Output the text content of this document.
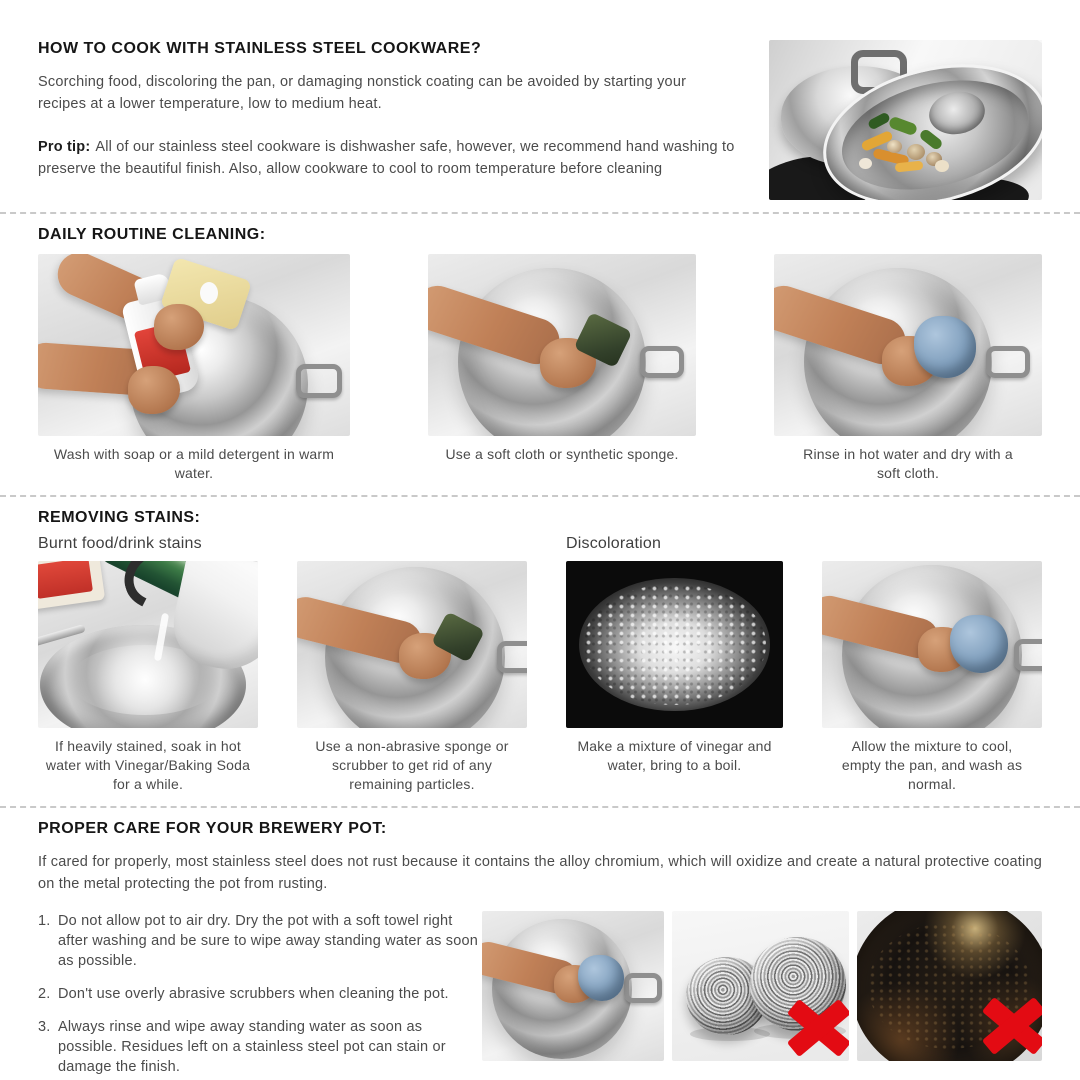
HOW TO COOK WITH STAINLESS STEEL COOKWARE?

Scorching food, discoloring the pan, or damaging nonstick coating can be avoided by starting your recipes at a lower temperature, low to medium heat.

Pro tip: All of our stainless steel cookware is dishwasher safe, however, we recommend hand washing to preserve the beautiful finish. Also, allow cookware to cool to room temperature before cleaning

DAILY ROUTINE CLEANING:
Wash with soap or a mild detergent in warm water.
Use a soft cloth or synthetic sponge.	Rinse in hot water and dry with a soft cloth.
REMOVING STAINS:
Burnt food/drink stains
If heavily stained, soak in hot water with Vinegar/Baking Soda for a while.
Use a non-abrasive sponge or scrubber to get rid of any remaining particles.
Discoloration
Make a mixture of vinegar and water, bring to a boil.
Allow the mixture to cool, empty the pan, and wash as normal.
PROPER CARE FOR YOUR BREWERY POT:

If cared for properly, most stainless steel does not rust because it contains the alloy chromium, which will oxidize and create a natural protective coating on the metal protecting the pot from rusting.

1. Do not allow pot to air dry. Dry the pot with a soft towel right after washing and be sure to wipe away standing water as soon as possible.
2. Don't use overly abrasive scrubbers when cleaning the pot.
3. Always rinse and wipe away standing water as soon as possible. Residues left on a stainless steel pot can stain or damage the finish.
